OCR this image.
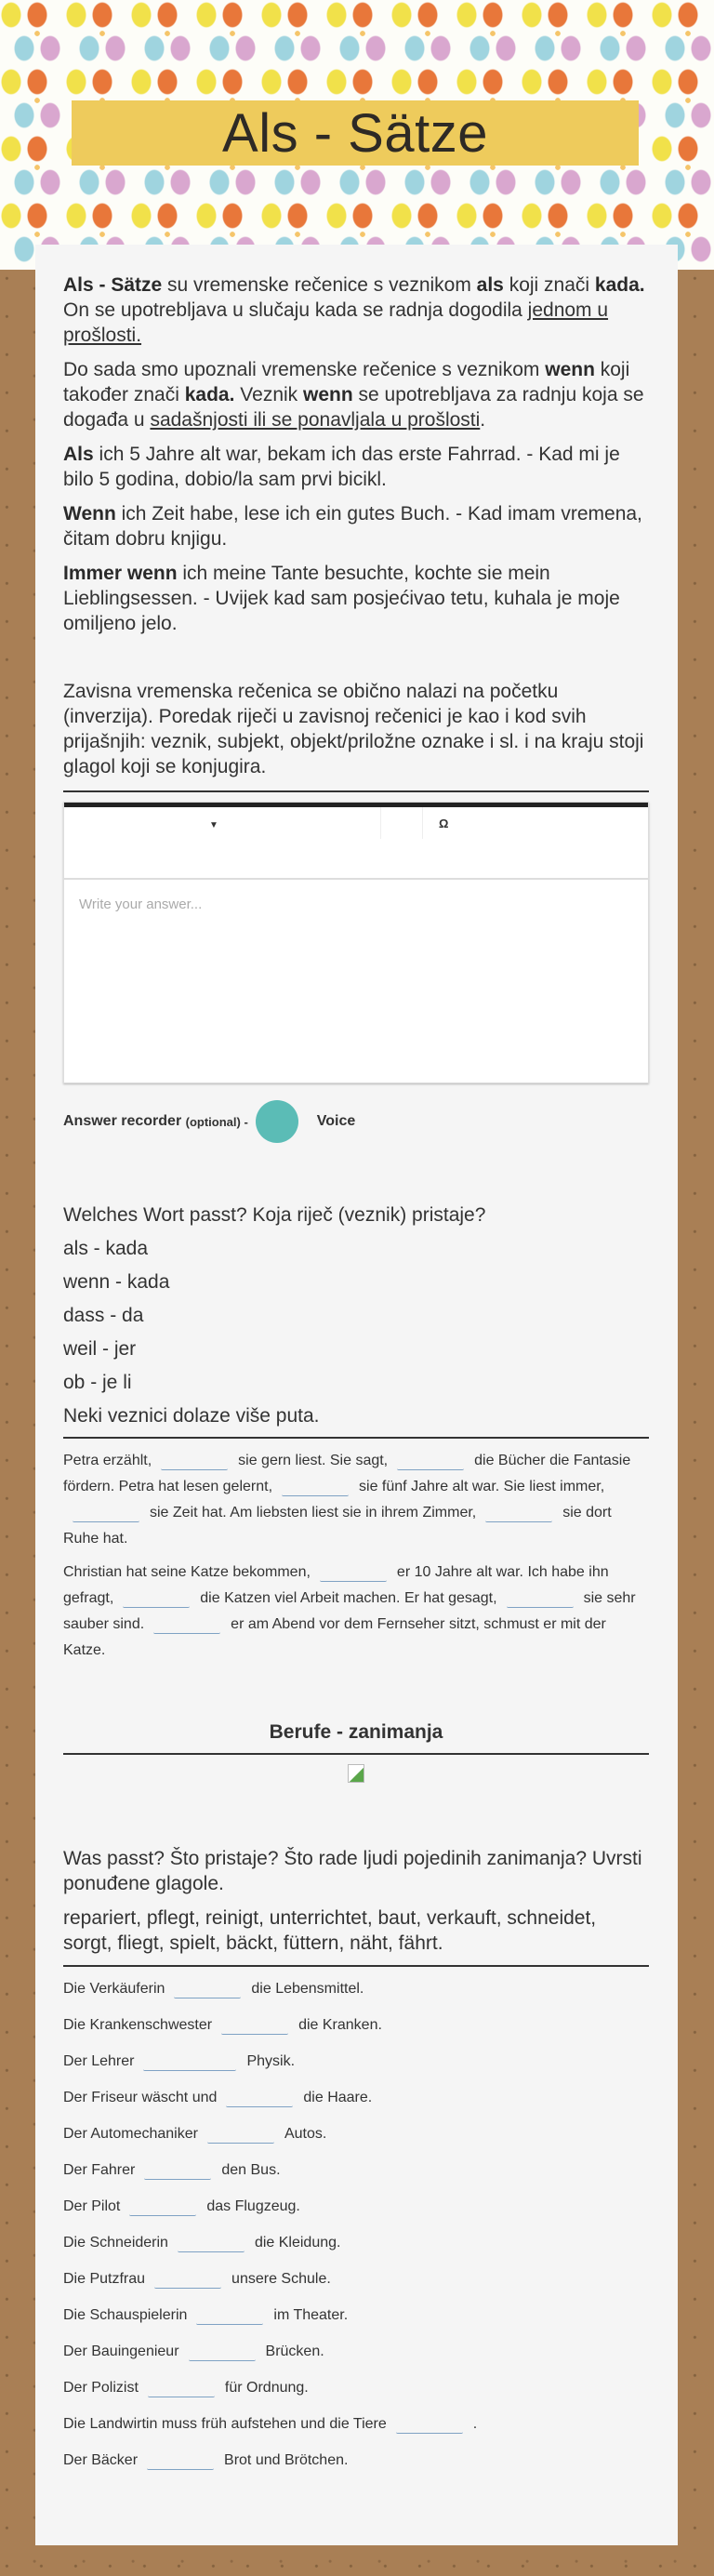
Als - Sätze

Als - Sätze su vremenske rečenice s veznikom als koji znači kada. On se upotrebljava u slučaju kada se radnja dogodila jednom u prošlosti.

Do sada smo upoznali vremenske rečenice s veznikom wenn koji također znači kada. Veznik wenn se upotrebljava za radnju koja se događa u sadašnjosti ili se ponavljala u prošlosti.

Als ich 5 Jahre alt war, bekam ich das erste Fahrrad. - Kad mi je bilo 5 godina, dobio/la sam prvi bicikl.

Wenn ich Zeit habe, lese ich ein gutes Buch. - Kad imam vremena, čitam dobru knjigu.

Immer wenn ich meine Tante besuchte, kochte sie mein Lieblingsessen. - Uvijek kad sam posjećivao tetu, kuhala je moje omiljeno jelo.

Zavisna vremenska rečenica se obično nalazi na početku (inverzija). Poredak riječi u zavisnoj rečenici je kao i kod svih prijašnjih: veznik, subjekt, objekt/priložne oznake i sl. i na kraju stoji glagol koji se konjugira.

▼	Ω
Write your answer...
Answer recorder
(optional) -	Voice

Welches Wort passt? Koja riječ (veznik) pristaje?

als - kada

wenn - kada

dass - da

weil - jer

ob - je li

Neki veznici dolaze više puta.

Petra erzählt,	sie gern liest. Sie sagt,	die Bücher die Fantasie fördern. Petra hat lesen gelernt,	sie fünf Jahre alt war. Sie liest immer,sie Zeit hat. Am liebsten liest sie in ihrem Zimmer,	sie dort Ruhe hat.

Christian hat seine Katze bekommen,	er 10 Jahre alt war. Ich habe ihn gefragt,	die Katzen viel Arbeit machen. Er hat gesagt,	sie sehr sauber sind.	er am Abend vor dem Fernseher sitzt, schmust er mit der Katze.

Berufe - zanimanja

Was passt? Što pristaje? Što rade ljudi pojedinih zanimanja? Uvrsti ponuđene glagole.

repariert, pflegt, reinigt, unterrichtet, baut, verkauft, schneidet, sorgt, fliegt, spielt, bäckt, füttern, näht, fährt.

Die Verkäuferin	die Lebensmittel.

Die Krankenschwester	die Kranken.

Der Lehrer	Physik.

Der Friseur wäscht und	die Haare.

Der Automechaniker	Autos.

Der Fahrer	den Bus.

Der Pilot	das Flugzeug.

Die Schneiderin	die Kleidung.

Die Putzfrau	unsere Schule.

Die Schauspielerin	im Theater.

Der Bauingenieur	Brücken.

Der Polizist	für Ordnung.

Die Landwirtin muss früh aufstehen und die Tiere	.

Der Bäcker	Brot und Brötchen.
